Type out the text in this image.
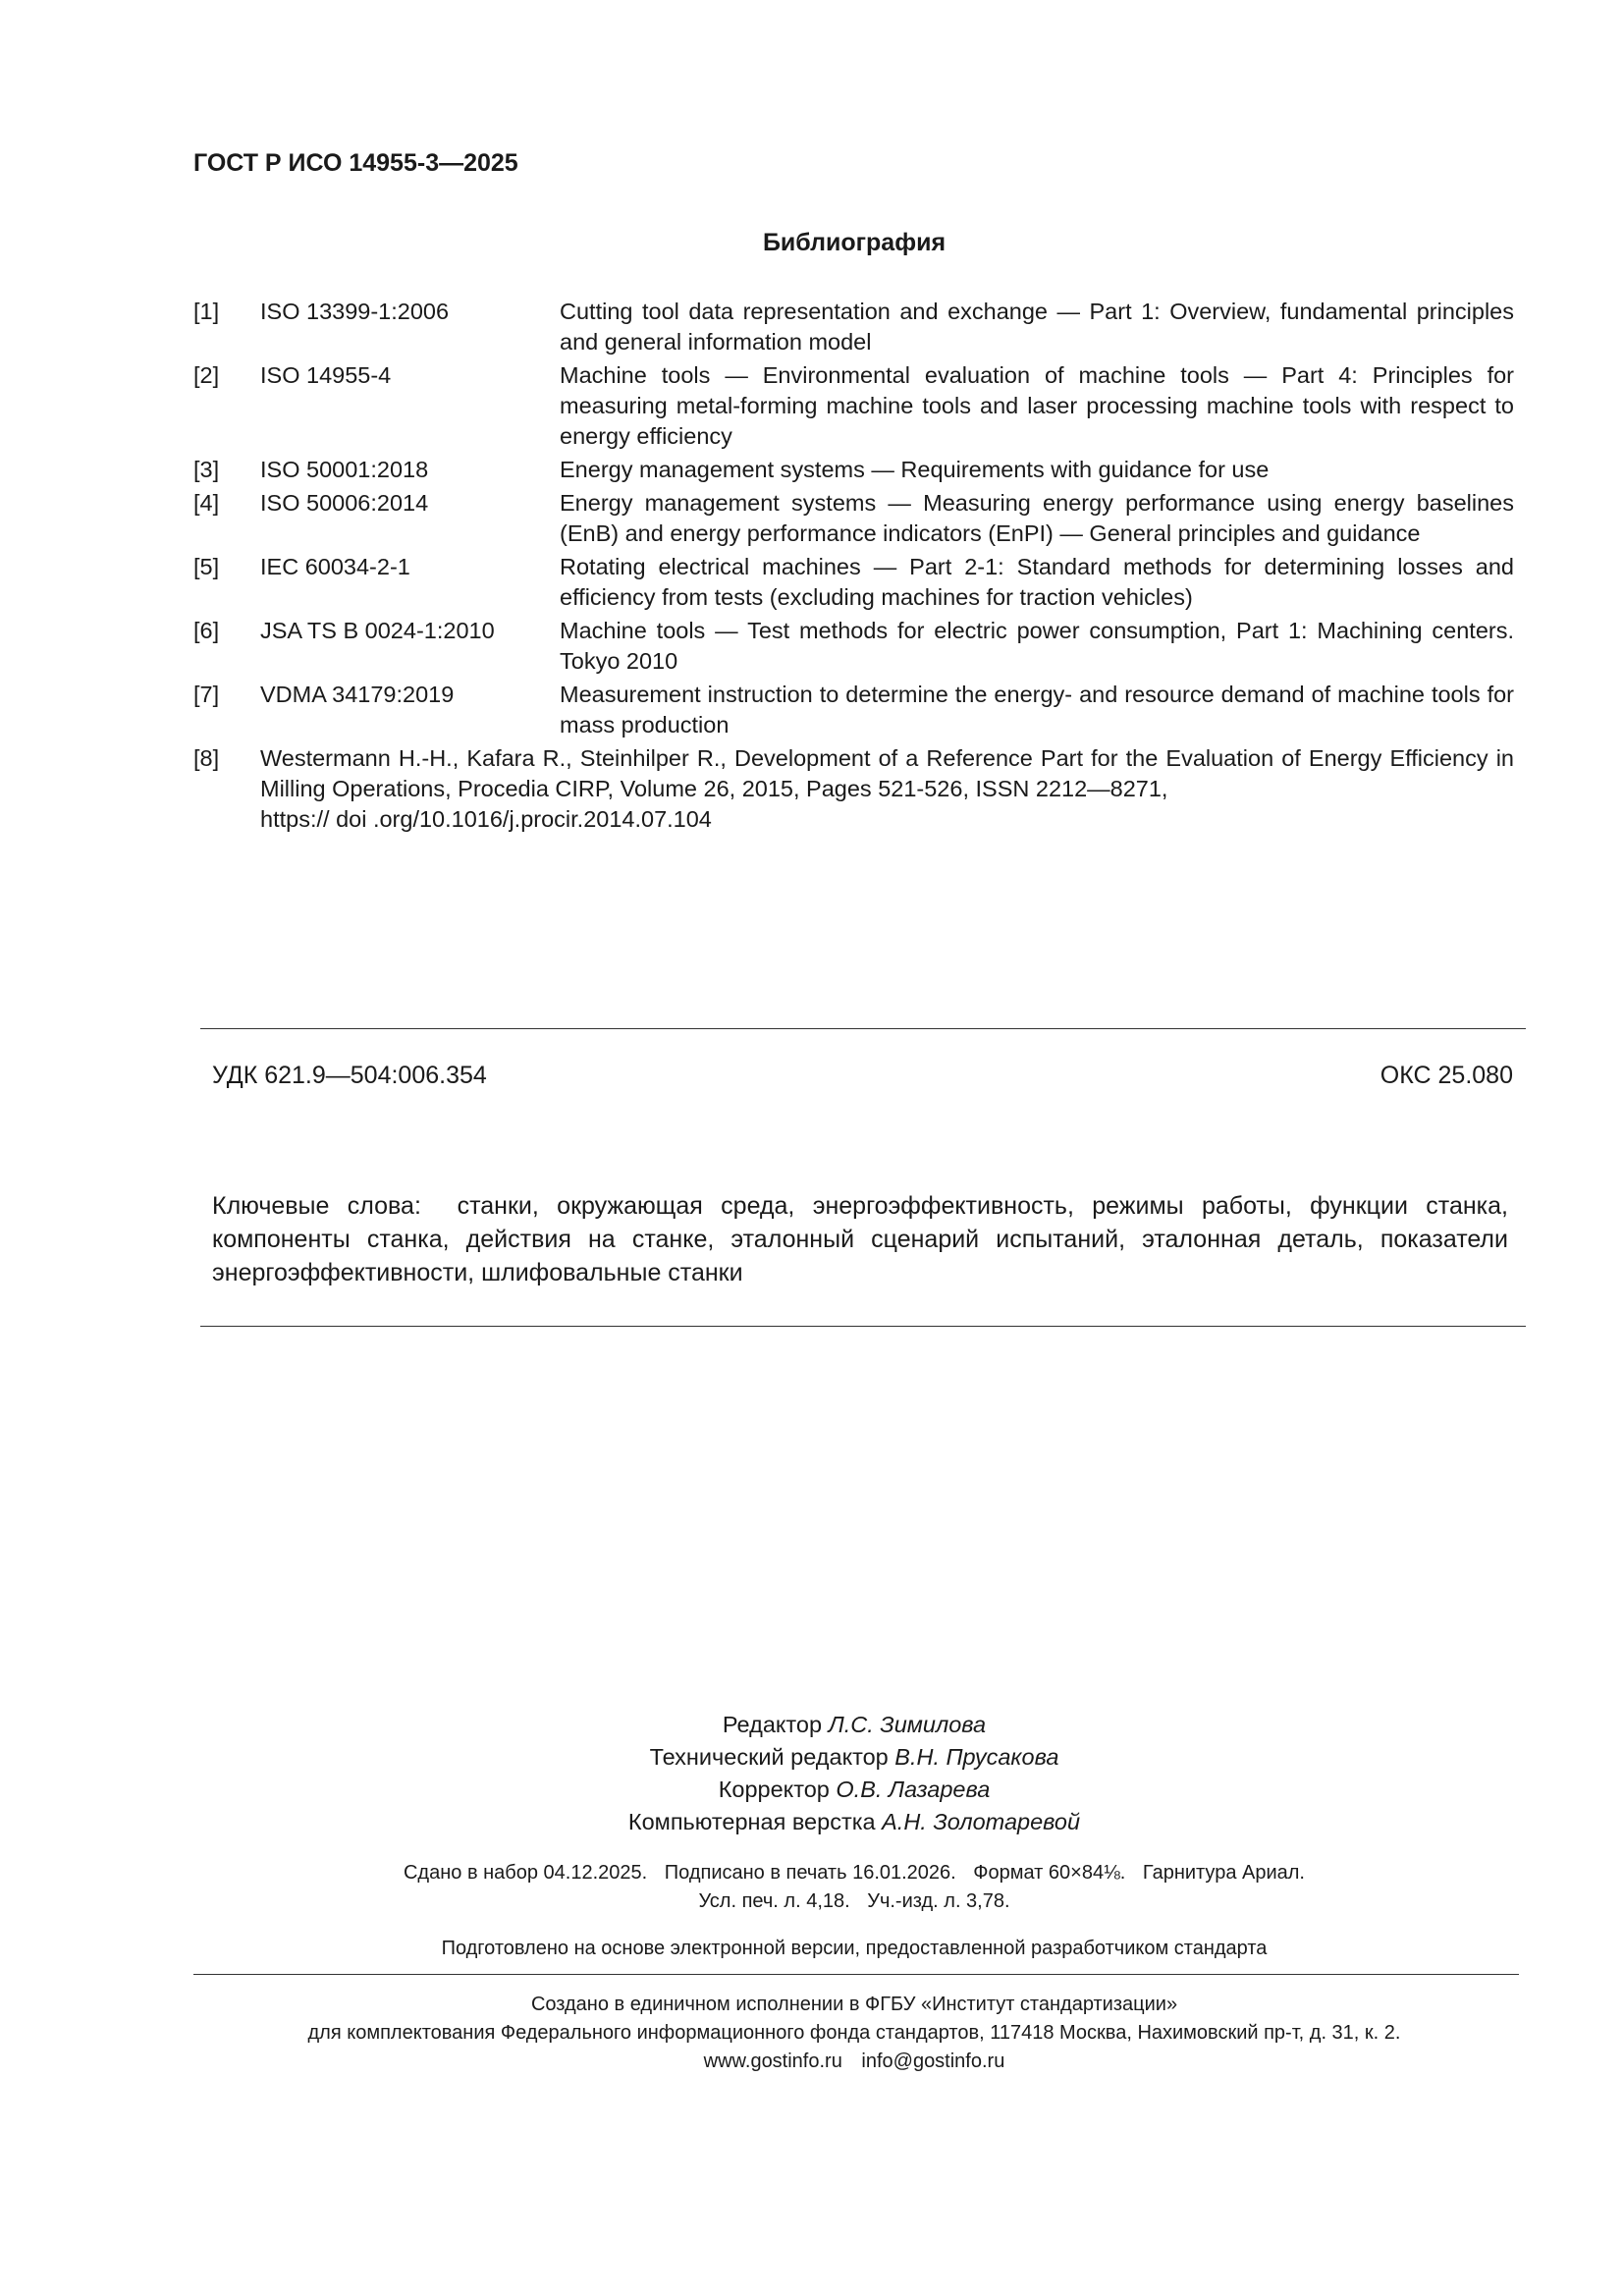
ГОСТ Р ИСО 14955-3—2025
Библиография
[1]	ISO 13399-1:2006	Cutting tool data representation and exchange — Part 1: Overview, fundamental principles and general information model
[2]	ISO 14955-4	Machine tools — Environmental evaluation of machine tools — Part 4: Principles for measuring metal-forming machine tools and laser processing machine tools with respect to energy efficiency
[3]	ISO 50001:2018	Energy management systems — Requirements with guidance for use
[4]	ISO 50006:2014	Energy management systems — Measuring energy performance using energy baselines (EnB) and energy performance indicators (EnPI) — General principles and guidance
[5]	IEC 60034-2-1	Rotating electrical machines — Part 2-1: Standard methods for determining losses and efficiency from tests (excluding machines for traction vehicles)
[6]	JSA TS B 0024-1:2010	Machine tools — Test methods for electric power consumption, Part 1: Machining centers. Tokyo 2010
[7]	VDMA 34179:2019	Measurement instruction to determine the energy- and resource demand of machine tools for mass production
[8]	Westermann H.-H., Kafara R., Steinhilper R., Development of a Reference Part for the Evaluation of Energy Efficiency in Milling Operations, Procedia CIRP, Volume 26, 2015, Pages 521-526, ISSN 2212—8271,
https:// doi .org/10.1016/j.procir.2014.07.104
УДК 621.9—504:006.354	ОКС 25.080
Ключевые слова: станки, окружающая среда, энергоэффективность, режимы работы, функции станка, компоненты станка, действия на станке, эталонный сценарий испытаний, эталонная деталь, показатели энергоэффективности, шлифовальные станки
Редактор Л.С. Зимилова
Технический редактор В.Н. Прусакова
Корректор О.В. Лазарева
Компьютерная верстка А.Н. Золотаревой
Сдано в набор 04.12.2025. Подписано в печать 16.01.2026. Формат 60×84⅛. Гарнитура Ариал.
Усл. печ. л. 4,18. Уч.-изд. л. 3,78.
Подготовлено на основе электронной версии, предоставленной разработчиком стандарта
Создано в единичном исполнении в ФГБУ «Институт стандартизации»
для комплектования Федерального информационного фонда стандартов, 117418 Москва, Нахимовский пр-т, д. 31, к. 2.
www.gostinfo.ru info@gostinfo.ru
